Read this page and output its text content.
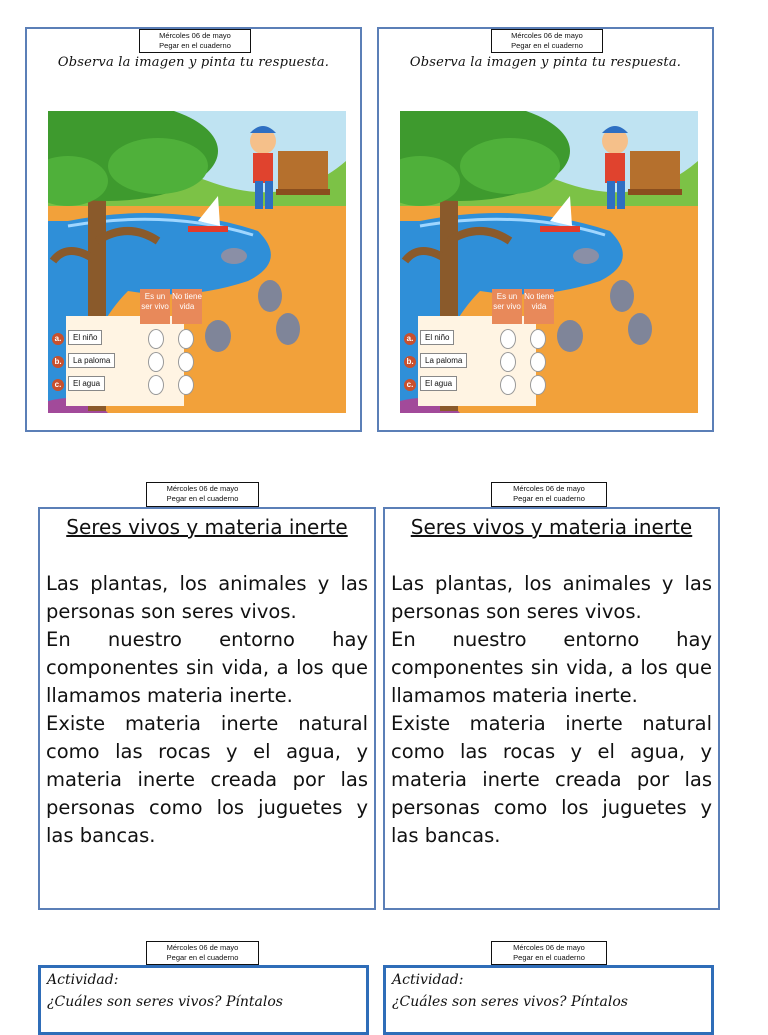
Mércoles 06 de mayo
Pegar en el cuaderno
Observa la imagen y pinta tu respuesta.
Es un ser vivo
No tiene vida
a.	El niño
b.	La paloma
c.	El agua
Mércoles 06 de mayo
Pegar en el cuaderno
Observa la imagen y pinta tu respuesta.
Es un ser vivo
No tiene vida
a.	El niño
b.	La paloma
c.	El agua
Mércoles 06 de mayo
Pegar en el cuaderno
Seres vivos y materia inerte

Las plantas, los animales y las personas son seres vivos.

En nuestro entorno hay componentes sin vida, a los que llamamos materia inerte.

Existe materia inerte natural como las rocas y el agua, y materia inerte creada por las personas como los juguetes y las bancas.

Mércoles 06 de mayo
Pegar en el cuaderno
Seres vivos y materia inerte

Las plantas, los animales y las personas son seres vivos.

En nuestro entorno hay componentes sin vida, a los que llamamos materia inerte.

Existe materia inerte natural como las rocas y el agua, y materia inerte creada por las personas como los juguetes y las bancas.

Mércoles 06 de mayo
Pegar en el cuaderno
Actividad:
¿Cuáles son seres vivos? Píntalos
Mércoles 06 de mayo
Pegar en el cuaderno
Actividad:
¿Cuáles son seres vivos? Píntalos
